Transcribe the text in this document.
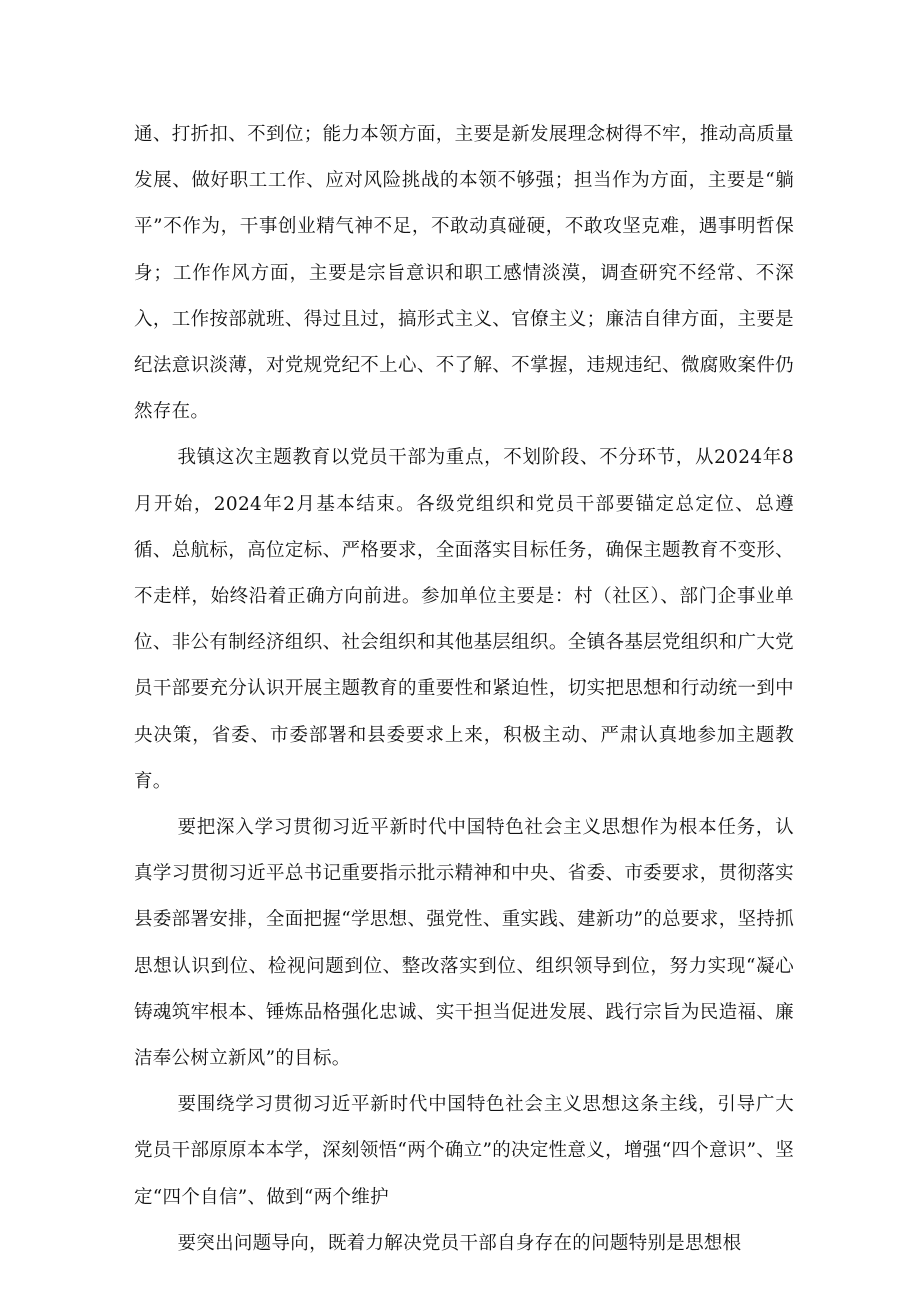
通、打折扣、不到位；能力本领方面，主要是新发展理念树得不牢，推动高质量发展、做好职工工作、应对风险挑战的本领不够强；担当作为方面，主要是“躺平”不作为，干事创业精气神不足，不敢动真碰硬，不敢攻坚克难，遇事明哲保身；工作作风方面，主要是宗旨意识和职工感情淡漠，调查研究不经常、不深入，工作按部就班、得过且过，搞形式主义、官僚主义；廉洁自律方面，主要是纪法意识淡薄，对党规党纪不上心、不了解、不掌握，违规违纪、微腐败案件仍然存在。

我镇这次主题教育以党员干部为重点，不划阶段、不分环节，从2024年8月开始，2024年2月基本结束。各级党组织和党员干部要锚定总定位、总遵循、总航标，高位定标、严格要求，全面落实目标任务，确保主题教育不变形、不走样，始终沿着正确方向前进。参加单位主要是：村（社区）、部门企事业单位、非公有制经济组织、社会组织和其他基层组织。全镇各基层党组织和广大党员干部要充分认识开展主题教育的重要性和紧迫性，切实把思想和行动统一到中央决策，省委、市委部署和县委要求上来，积极主动、严肃认真地参加主题教育。

要把深入学习贯彻习近平新时代中国特色社会主义思想作为根本任务，认真学习贯彻习近平总书记重要指示批示精神和中央、省委、市委要求，贯彻落实县委部署安排，全面把握“学思想、强党性、重实践、建新功”的总要求，坚持抓思想认识到位、检视问题到位、整改落实到位、组织领导到位，努力实现“凝心铸魂筑牢根本、锤炼品格强化忠诚、实干担当促进发展、践行宗旨为民造福、廉洁奉公树立新风”的目标。

要围绕学习贯彻习近平新时代中国特色社会主义思想这条主线，引导广大党员干部原原本本学，深刻领悟“两个确立”的决定性意义，增强“四个意识”、坚定“四个自信”、做到“两个维护

要突出问题导向，既着力解决党员干部自身存在的问题特别是思想根
